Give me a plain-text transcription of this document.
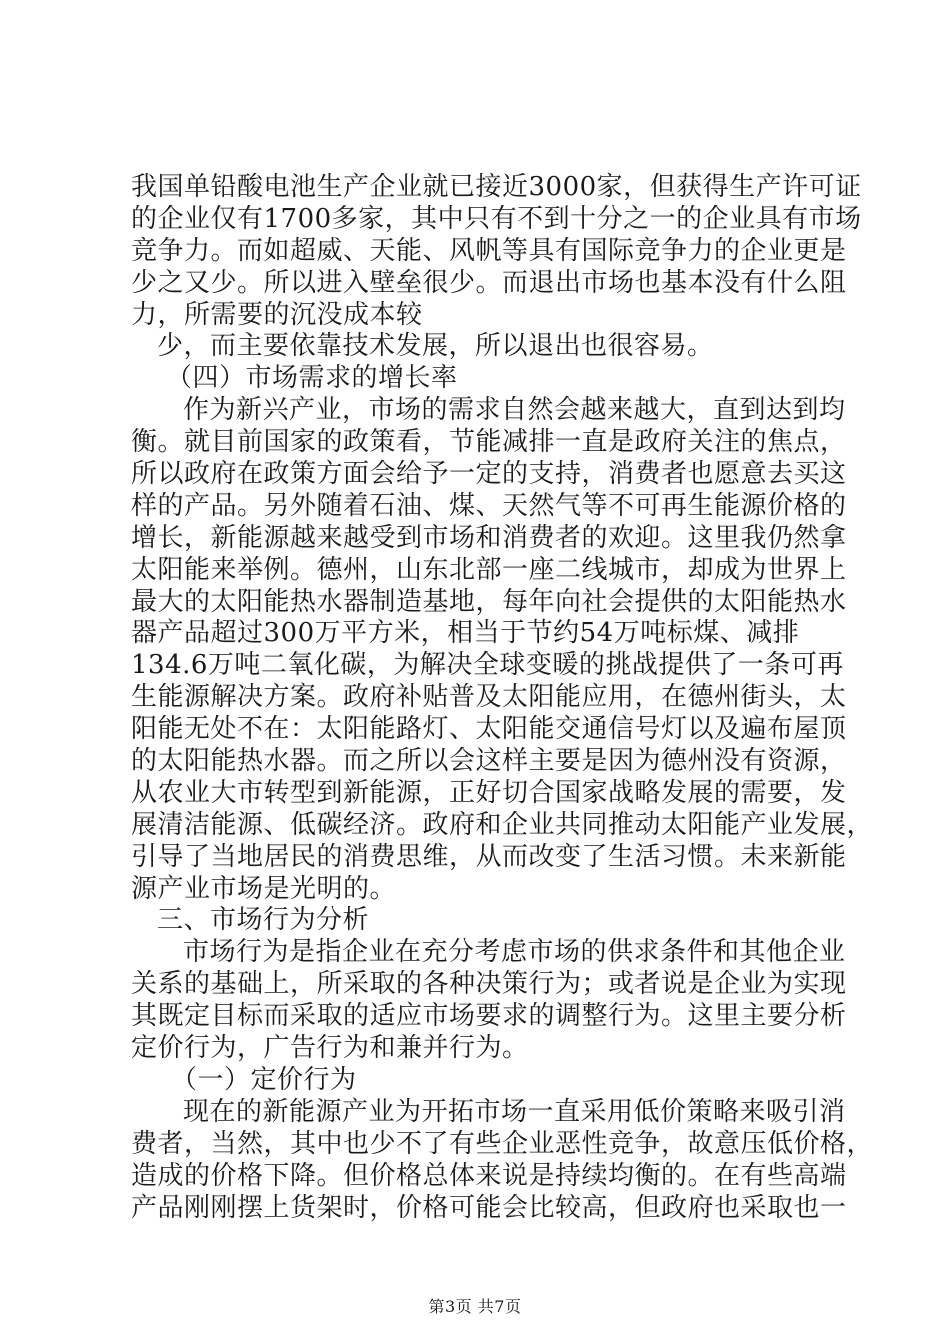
我国单铅酸电池生产企业就已接近3000家，但获得生产许可证
的企业仅有1700多家，其中只有不到十分之一的企业具有市场
竞争力。而如超威、天能、风帆等具有国际竞争力的企业更是
少之又少。所以进入壁垒很少。而退出市场也基本没有什么阻
力，所需要的沉没成本较
少，而主要依靠技术发展，所以退出也很容易。
（四）市场需求的增长率
作为新兴产业，市场的需求自然会越来越大，直到达到均
衡。就目前国家的政策看，节能减排一直是政府关注的焦点，
所以政府在政策方面会给予一定的支持，消费者也愿意去买这
样的产品。另外随着石油、煤、天然气等不可再生能源价格的
增长，新能源越来越受到市场和消费者的欢迎。这里我仍然拿
太阳能来举例。德州，山东北部一座二线城市，却成为世界上
最大的太阳能热水器制造基地，每年向社会提供的太阳能热水
器产品超过300万平方米，相当于节约54万吨标煤、减排
134.6万吨二氧化碳，为解决全球变暖的挑战提供了一条可再
生能源解决方案。政府补贴普及太阳能应用，在德州街头，太
阳能无处不在：太阳能路灯、太阳能交通信号灯以及遍布屋顶
的太阳能热水器。而之所以会这样主要是因为德州没有资源，
从农业大市转型到新能源，正好切合国家战略发展的需要，发
展清洁能源、低碳经济。政府和企业共同推动太阳能产业发展，
引导了当地居民的消费思维，从而改变了生活习惯。未来新能
源产业市场是光明的。
三、市场行为分析
市场行为是指企业在充分考虑市场的供求条件和其他企业
关系的基础上，所采取的各种决策行为；或者说是企业为实现
其既定目标而采取的适应市场要求的调整行为。这里主要分析
定价行为，广告行为和兼并行为。
（一）定价行为
现在的新能源产业为开拓市场一直采用低价策略来吸引消
费者，当然，其中也少不了有些企业恶性竞争，故意压低价格，
造成的价格下降。但价格总体来说是持续均衡的。在有些高端
产品刚刚摆上货架时，价格可能会比较高，但政府也采取也一
第3页 共7页
